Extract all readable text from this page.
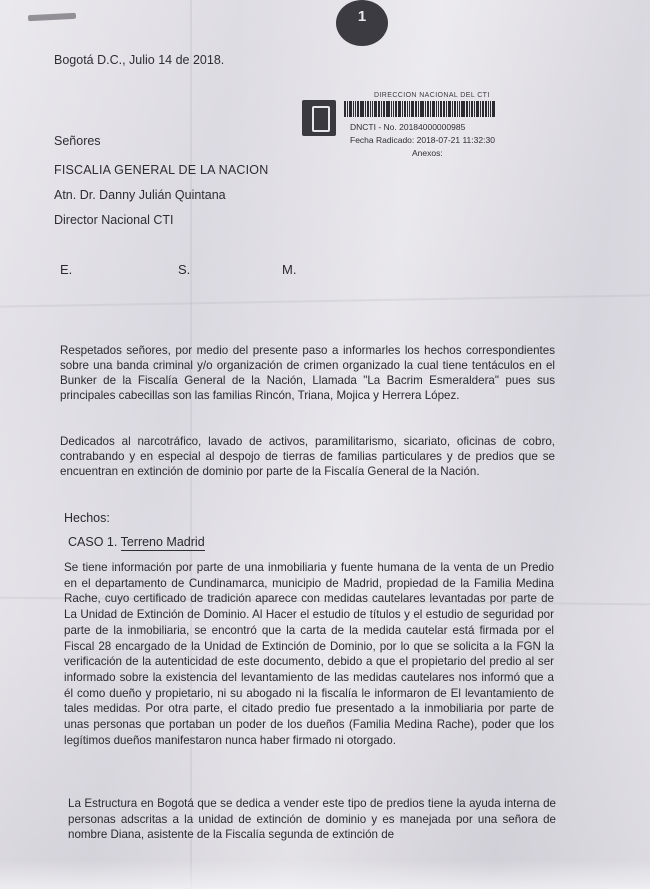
1
Bogotá D.C., Julio 14 de 2018.
DIRECCION NACIONAL DEL CTI
DNCTI - No. 20184000000985
Fecha Radicado: 2018-07-21 11:32:30
Anexos:
Señores
FISCALIA GENERAL DE LA NACION
Atn. Dr. Danny Julián Quintana
Director Nacional CTI
E.	S.	M.

Respetados señores, por medio del presente paso a informarles los hechos correspondientes sobre una banda criminal y/o organización de crimen organizado la cual tiene tentáculos en el Bunker de la Fiscalía General de la Nación, Llamada "La Bacrim Esmeraldera" pues sus principales cabecillas son las familias Rincón, Triana, Mojica y Herrera López.

Dedicados al narcotráfico, lavado de activos, paramilitarismo, sicariato, oficinas de cobro, contrabando y en especial al despojo de tierras de familias particulares y de predios que se encuentran en extinción de dominio por parte de la Fiscalía General de la Nación.

Hechos:
CASO 1. Terreno Madrid

Se tiene información por parte de una inmobiliaria y fuente humana de la venta de un Predio en el departamento de Cundinamarca, municipio de Madrid, propiedad de la Familia Medina Rache, cuyo certificado de tradición aparece con medidas cautelares levantadas por parte de La Unidad de Extinción de Dominio. Al Hacer el estudio de títulos y el estudio de seguridad por parte de la inmobiliaria, se encontró que la carta de la medida cautelar está firmada por el Fiscal 28 encargado de la Unidad de Extinción de Dominio, por lo que se solicita a la FGN la verificación de la autenticidad de este documento, debido a que el propietario del predio al ser informado sobre la existencia del levantamiento de las medidas cautelares nos informó que a él como dueño y propietario, ni su abogado ni la fiscalía le informaron de El levantamiento de tales medidas. Por otra parte, el citado predio fue presentado a la inmobiliaria por parte de unas personas que portaban un poder de los dueños (Familia Medina Rache), poder que los legítimos dueños manifestaron nunca haber firmado ni otorgado.

La Estructura en Bogotá que se dedica a vender este tipo de predios tiene la ayuda interna de personas adscritas a la unidad de extinción de dominio y es manejada por una señora de nombre Diana, asistente de la Fiscalía segunda de extinción de
